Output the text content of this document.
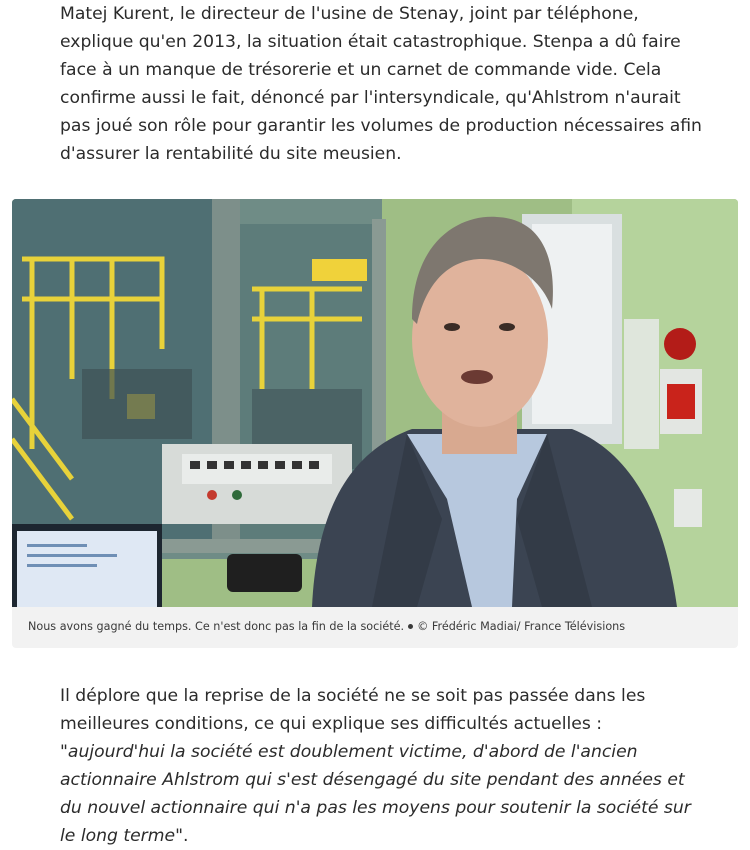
Matej Kurent, le directeur de l'usine de Stenay, joint par téléphone, explique qu'en 2013, la situation était catastrophique. Stenpa a dû faire face à un manque de trésorerie et un carnet de commande vide. Cela confirme aussi le fait, dénoncé par l'intersyndicale, qu'Ahlstrom n'aurait pas joué son rôle pour garantir les volumes de production nécessaires afin d'assurer la rentabilité du site meusien.

Nous avons gagné du temps. Ce n'est donc pas la fin de la société. © Frédéric Madiai/ France Télévisions

Il déplore que la reprise de la société ne se soit pas passée dans les meilleures conditions, ce qui explique ses difficultés actuelles : "aujourd'hui la société est doublement victime, d'abord de l'ancien actionnaire Ahlstrom qui s'est désengagé du site pendant des années et du nouvel actionnaire qui n'a pas les moyens pour soutenir la société sur le long terme".
